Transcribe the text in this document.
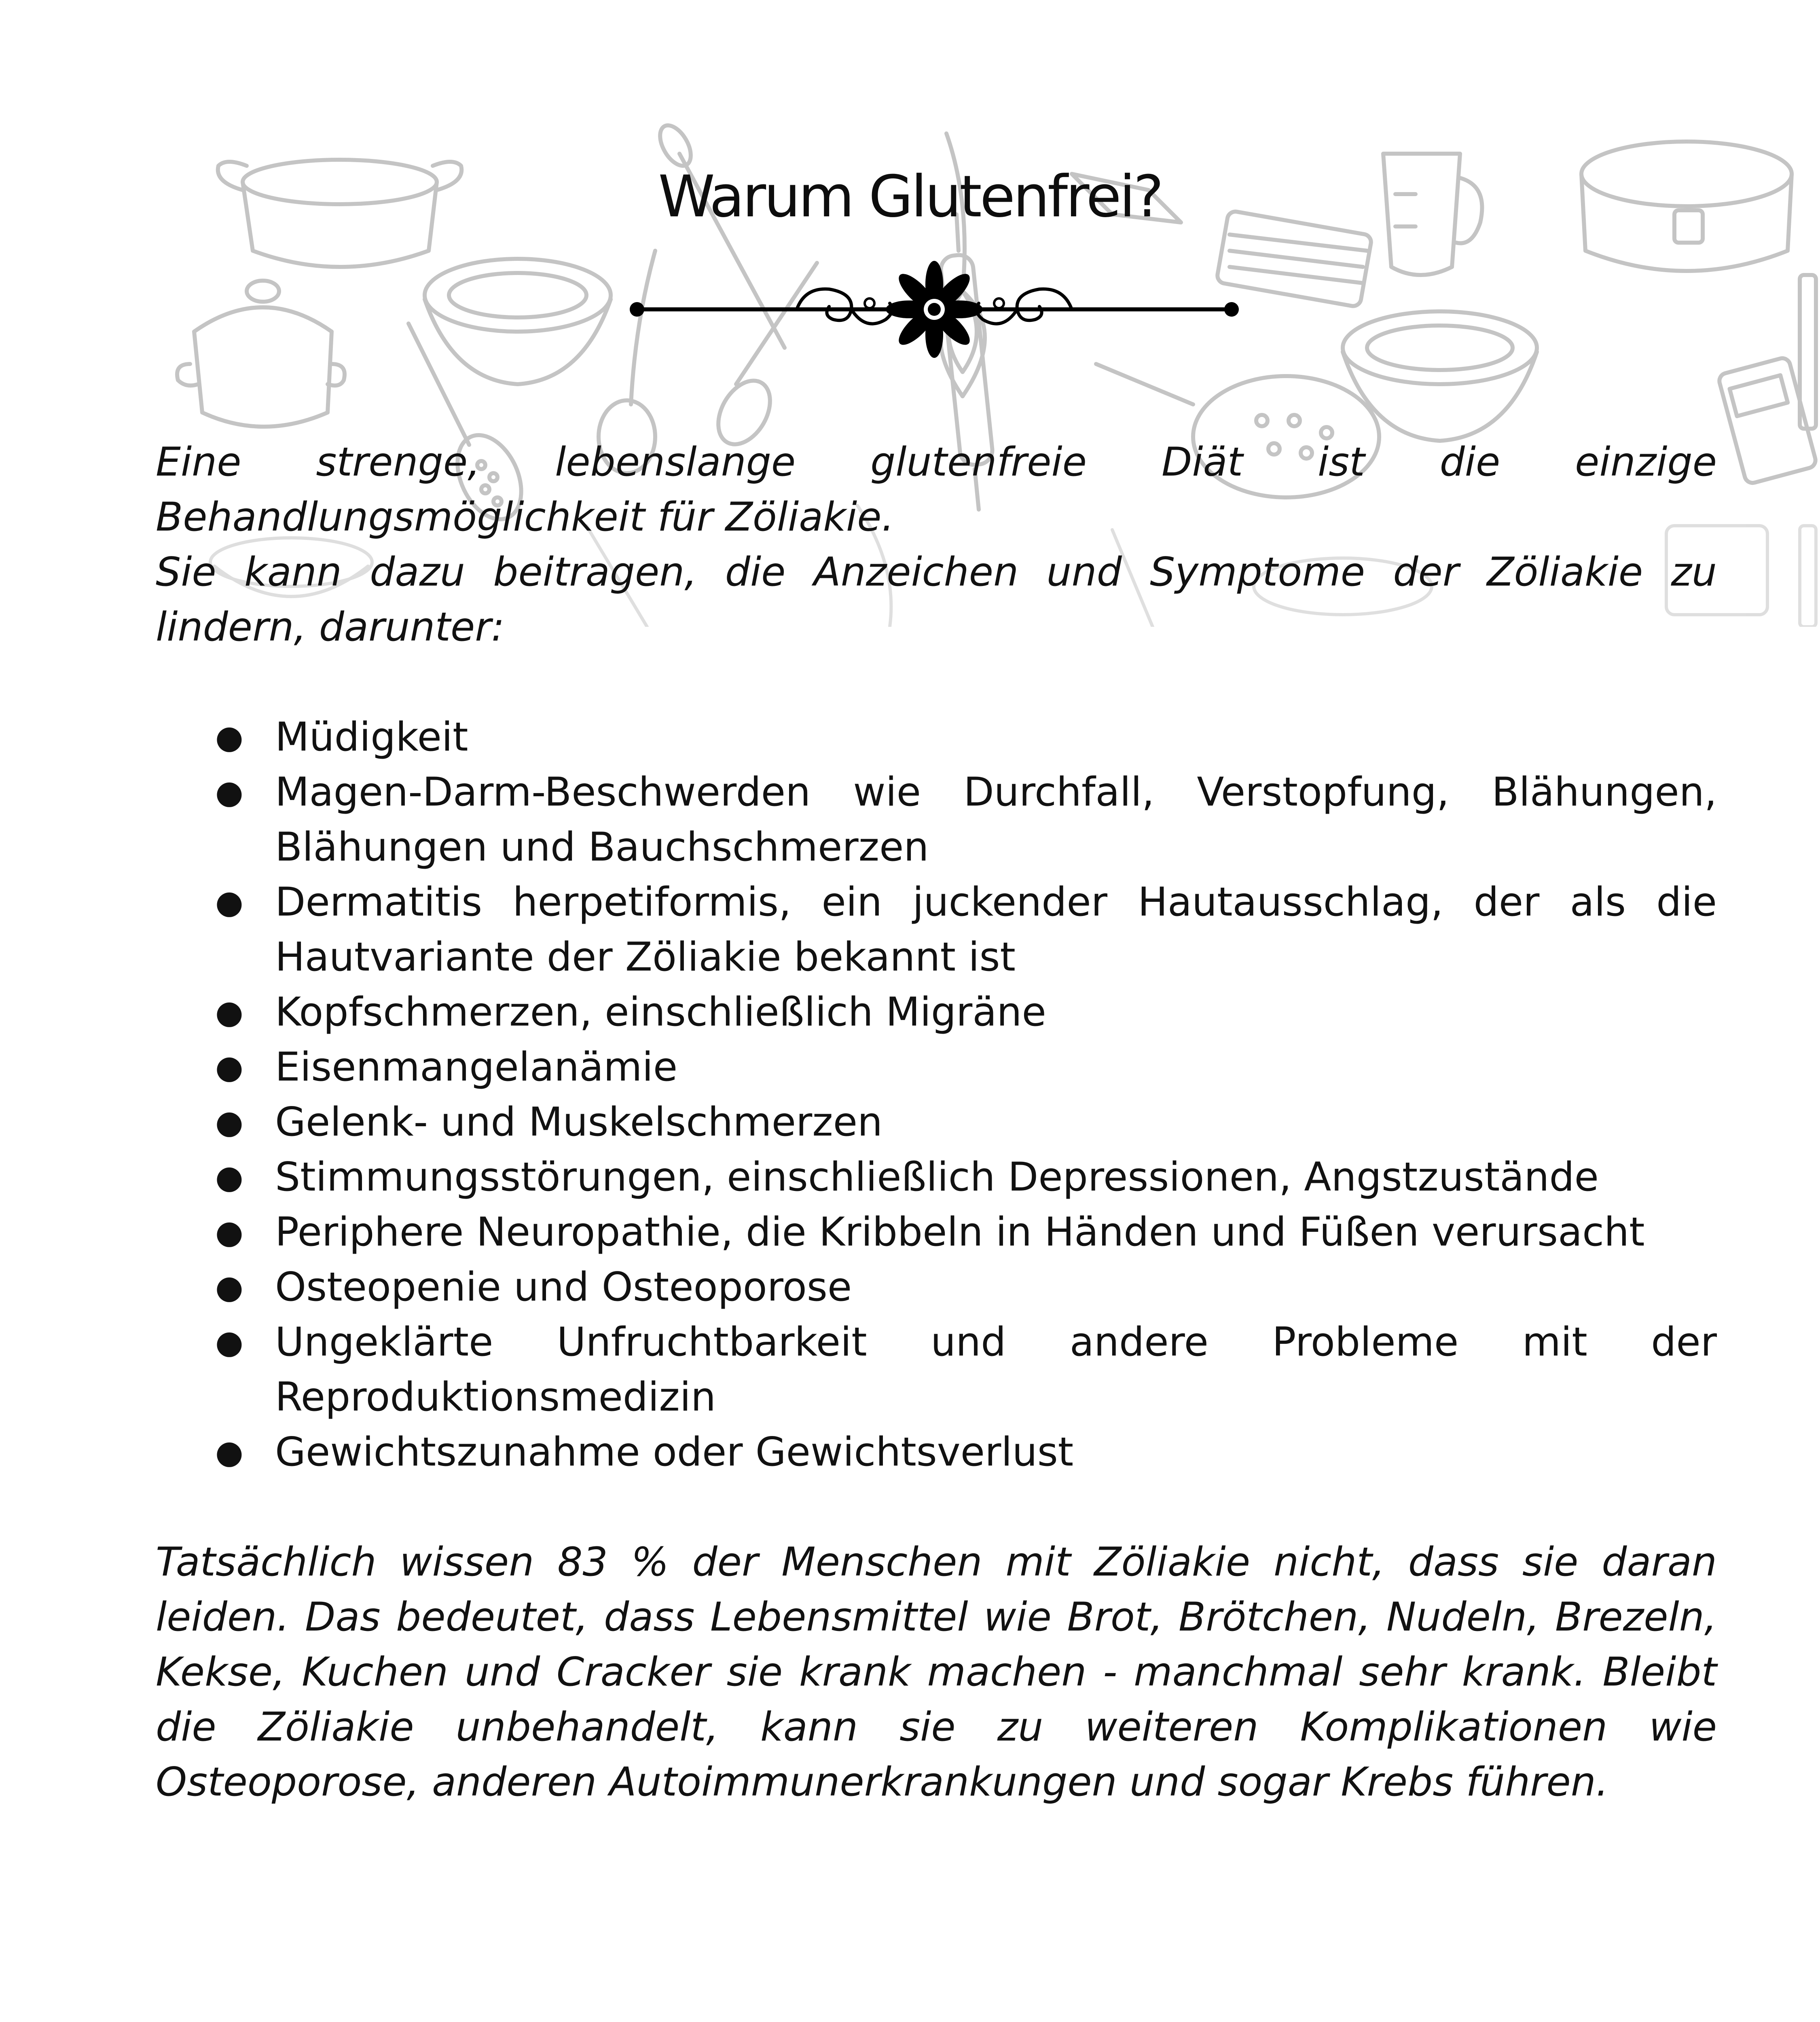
Warum Glutenfrei?

Eine strenge, lebenslange glutenfreie Diät ist die einzige Behandlungsmöglichkeit für Zöliakie.

Sie kann dazu beitragen, die Anzeichen und Symptome der Zöliakie zu lindern, darunter:

● Müdigkeit
● Magen-Darm-Beschwerden wie Durchfall, Verstopfung, Blähungen, Blähungen und Bauchschmerzen
● Dermatitis herpetiformis, ein juckender Hautausschlag, der als die Hautvariante der Zöliakie bekannt ist
● Kopfschmerzen, einschließlich Migräne
● Eisenmangelanämie
● Gelenk- und Muskelschmerzen
● Stimmungsstörungen, einschließlich Depressionen, Angstzustände
● Periphere Neuropathie, die Kribbeln in Händen und Füßen verursacht
● Osteopenie und Osteoporose
● Ungeklärte Unfruchtbarkeit und andere Probleme mit der Reproduktionsmedizin
● Gewichtszunahme oder Gewichtsverlust

Tatsächlich wissen 83 % der Menschen mit Zöliakie nicht, dass sie daran leiden. Das bedeutet, dass Lebensmittel wie Brot, Brötchen, Nudeln, Brezeln, Kekse, Kuchen und Cracker sie krank machen - manchmal sehr krank. Bleibt die Zöliakie unbehandelt, kann sie zu weiteren Komplikationen wie Osteoporose, anderen Autoimmunerkrankungen und sogar Krebs führen.
